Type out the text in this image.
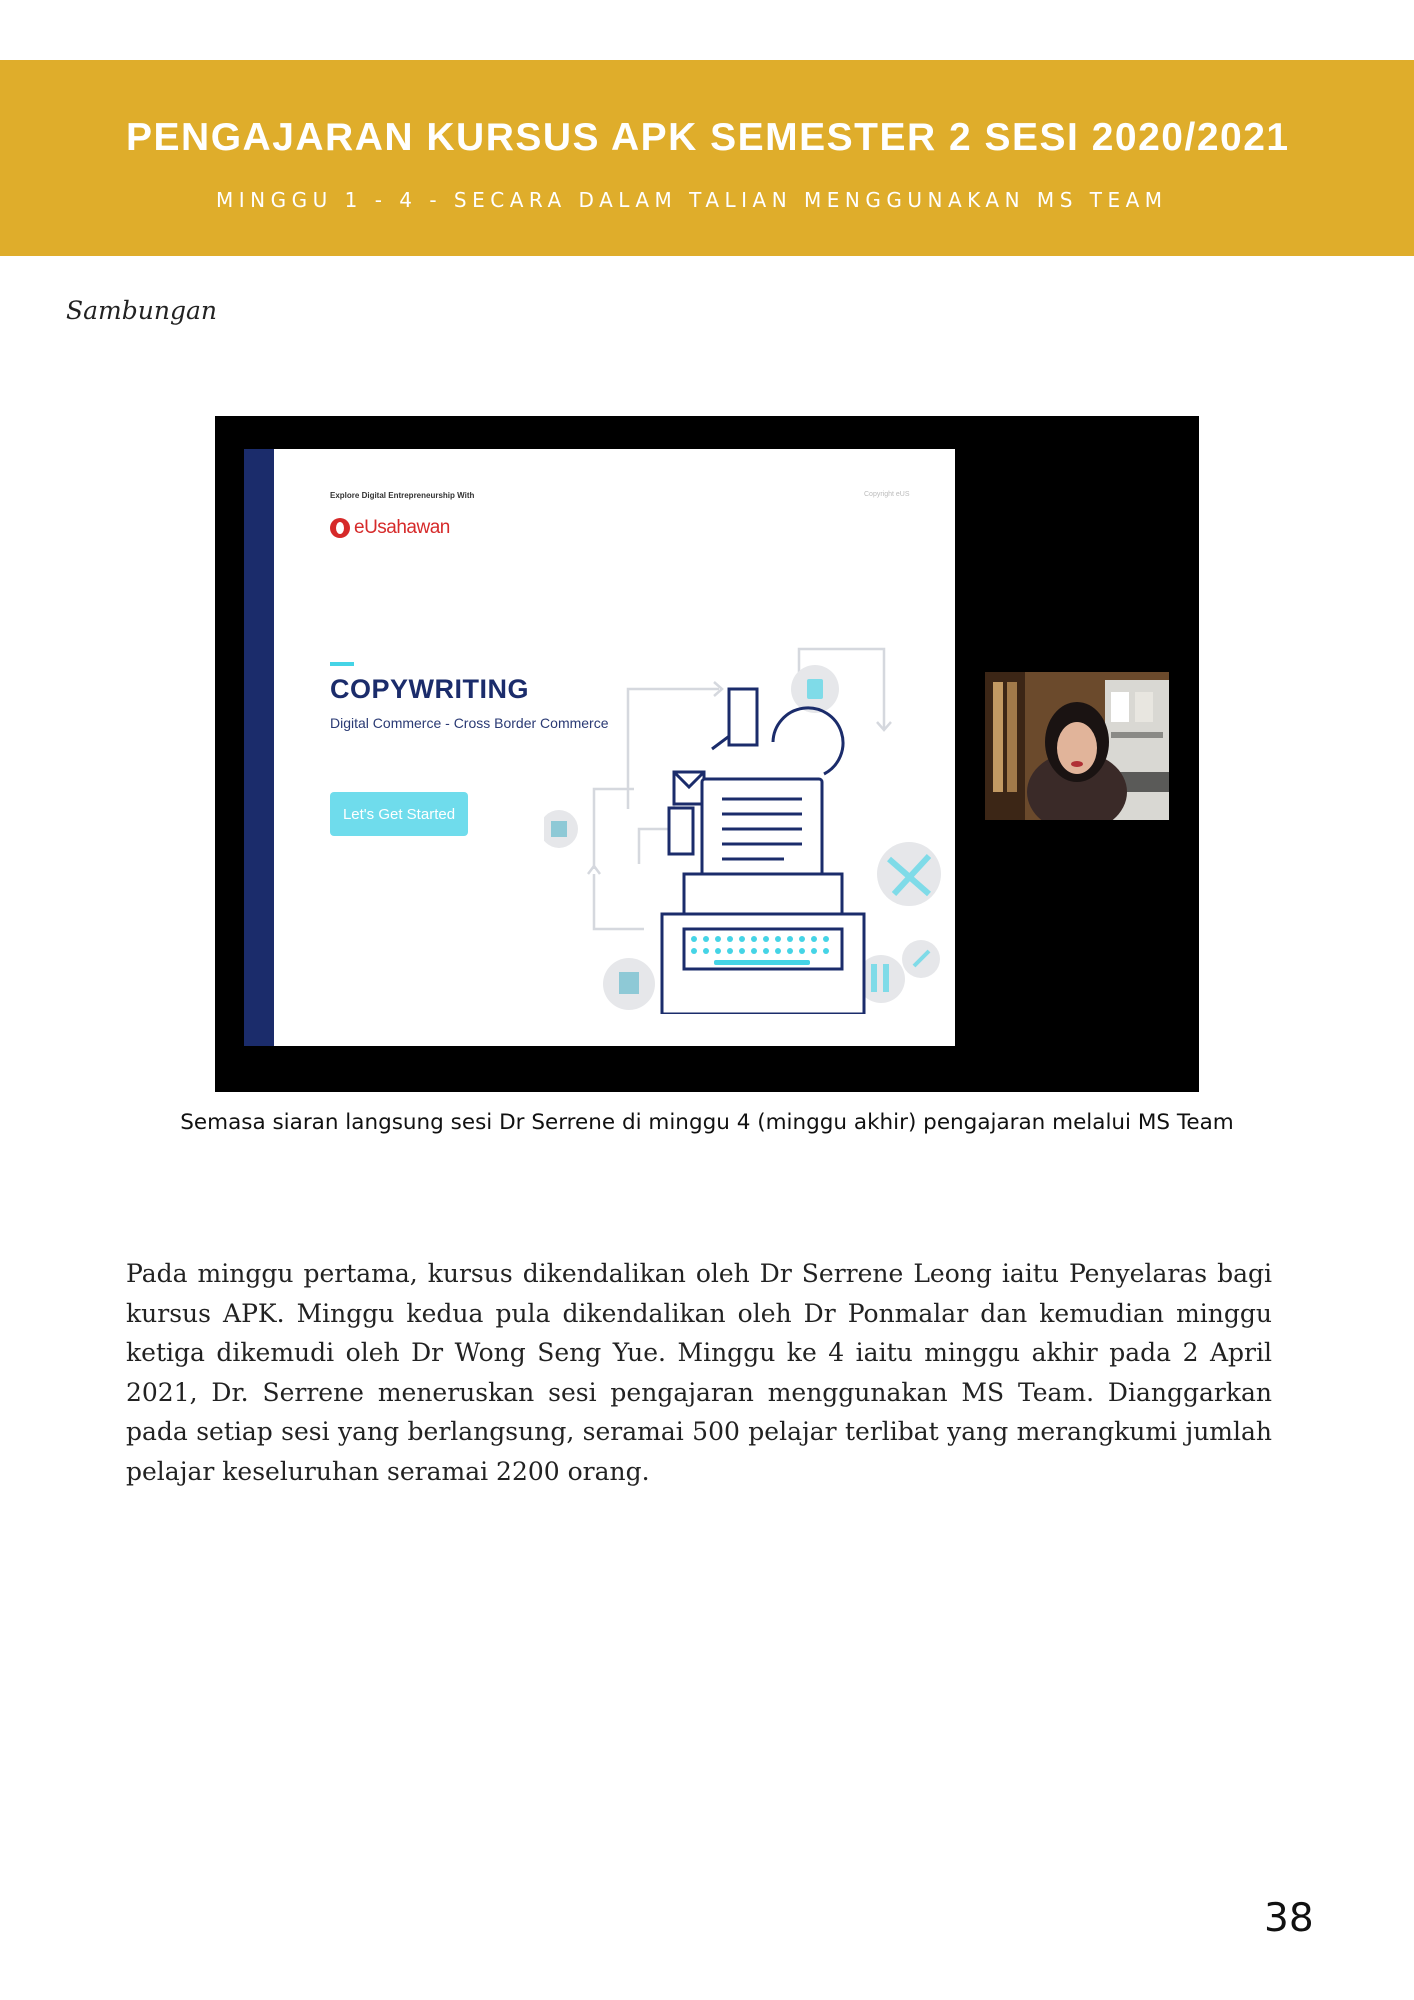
PENGAJARAN KURSUS APK SEMESTER 2 SESI 2020/2021
MINGGU 1 - 4 - SECARA DALAM TALIAN MENGGUNAKAN MS TEAM
Sambungan
Explore Digital Entrepreneurship With	Copyright eUS
eUsahawan
COPYWRITING
Digital Commerce - Cross Border Commerce
Let's Get Started
Semasa siaran langsung sesi Dr Serrene di minggu 4 (minggu akhir) pengajaran melalui MS Team

Pada minggu pertama, kursus dikendalikan oleh Dr Serrene Leong iaitu Penyelaras bagi kursus APK. Minggu kedua pula dikendalikan oleh Dr Ponmalar dan kemudian minggu ketiga dikemudi oleh Dr Wong Seng Yue. Minggu ke 4 iaitu minggu akhir pada 2 April 2021, Dr. Serrene meneruskan sesi pengajaran menggunakan MS Team. Dianggarkan pada setiap sesi yang berlangsung, seramai 500 pelajar terlibat yang merangkumi jumlah pelajar keseluruhan seramai 2200 orang.

38
